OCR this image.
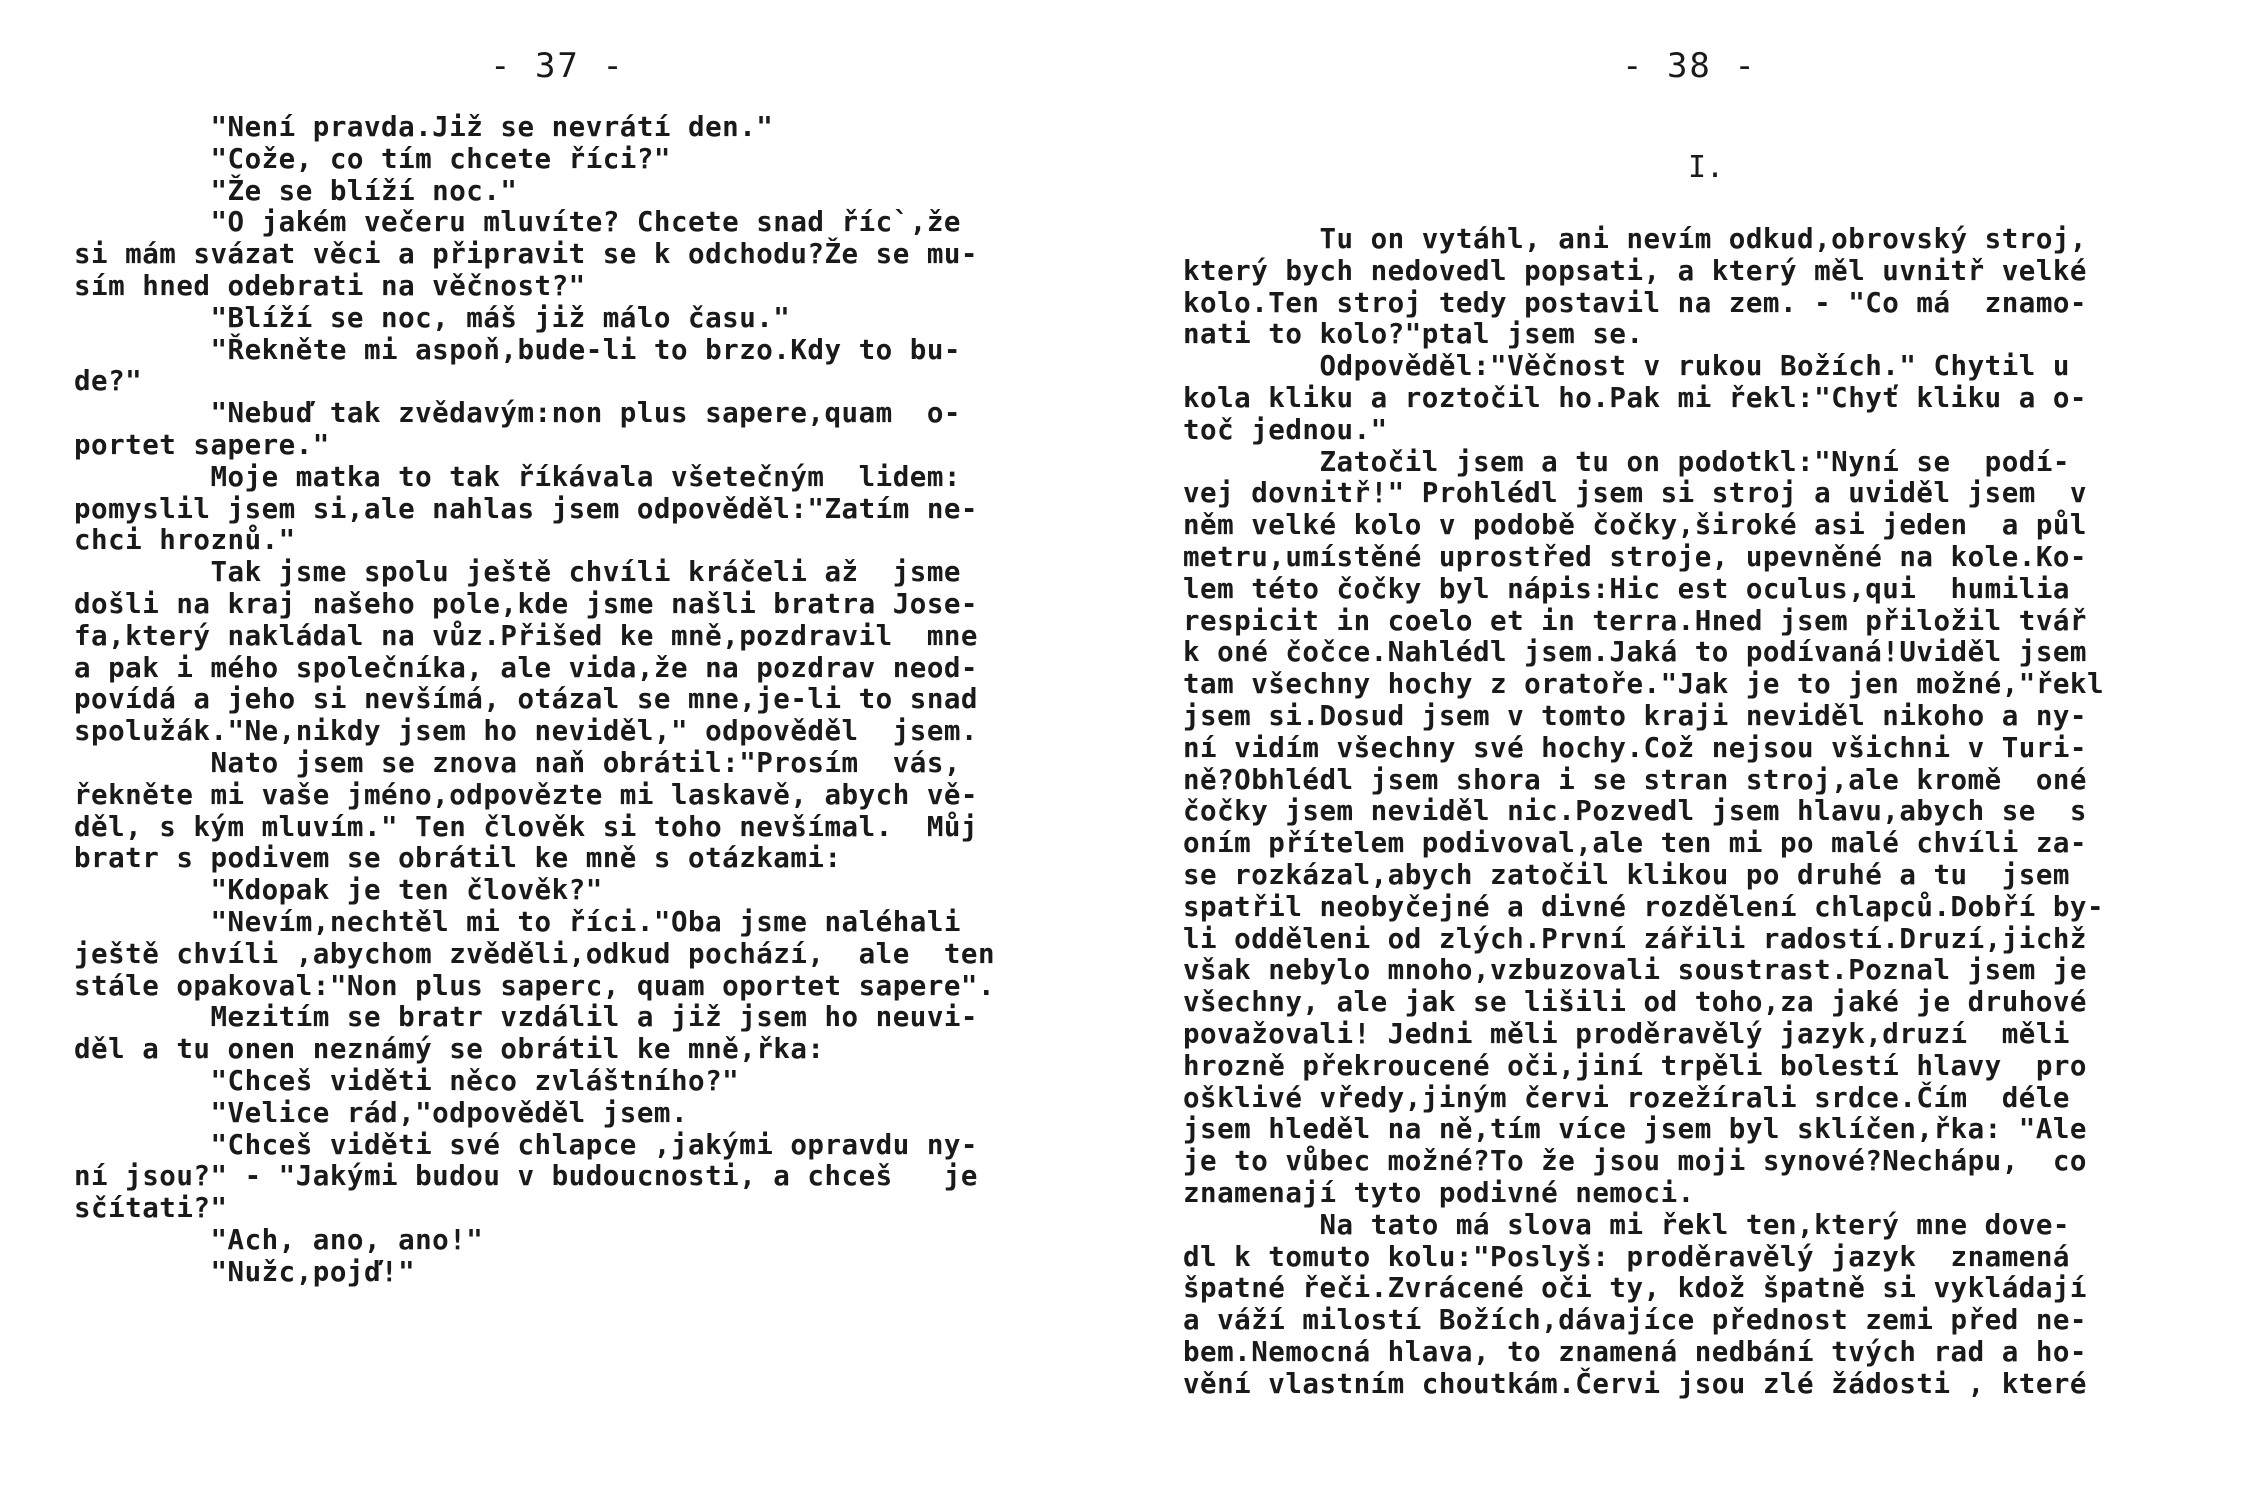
- 37 -
"Není pravda.Již se nevrátí den."
"Cože, co tím chcete říci?"
"Že se blíží noc."
"O jakém večeru mluvíte? Chcete snad říc`,že
si mám svázat věci a připravit se k odchodu?Že se mu-
sím hned odebrati na věčnost?"
"Blíží se noc, máš již málo času."
"Řekněte mi aspoň,bude-li to brzo.Kdy to bu-
de?"
"Nebuď tak zvědavým:non plus sapere,quam  o-
portet sapere."
Moje matka to tak říkávala všetečným  lidem:
pomyslil jsem si,ale nahlas jsem odpověděl:"Zatím ne-
chci hroznů."
Tak jsme spolu ještě chvíli kráčeli až  jsme
došli na kraj našeho pole,kde jsme našli bratra Jose-
fa,který nakládal na vůz.Přišed ke mně,pozdravil  mne
a pak i mého společníka, ale vida,že na pozdrav neod-
povídá a jeho si nevšímá, otázal se mne,je-li to snad
spolužák."Ne,nikdy jsem ho neviděl," odpověděl  jsem.
Nato jsem se znova naň obrátil:"Prosím  vás,
řekněte mi vaše jméno,odpovězte mi laskavě, abych vě-
děl, s kým mluvím." Ten člověk si toho nevšímal.  Můj
bratr s podivem se obrátil ke mně s otázkami:
"Kdopak je ten člověk?"
"Nevím,nechtěl mi to říci."Oba jsme naléhali
ještě chvíli ,abychom zvěděli,odkud pochází,  ale  ten
stále opakoval:"Non plus saperc, quam oportet sapere".
Mezitím se bratr vzdálil a již jsem ho neuvi-
děl a tu onen neznámý se obrátil ke mně,řka:
"Chceš viděti něco zvláštního?"
"Velice rád,"odpověděl jsem.
"Chceš viděti své chlapce ,jakými opravdu ny-
ní jsou?" - "Jakými budou v budoucnosti, a chceš   je
sčítati?"
"Ach, ano, ano!"
"Nužc,pojď!"
- 38 -
I.
Tu on vytáhl, ani nevím odkud,obrovský stroj,
který bych nedovedl popsati, a který měl uvnitř velké
kolo.Ten stroj tedy postavil na zem. - "Co má  znamo-
nati to kolo?"ptal jsem se.
Odpověděl:"Věčnost v rukou Božích." Chytil u
kola kliku a roztočil ho.Pak mi řekl:"Chyť kliku a o-
toč jednou."
Zatočil jsem a tu on podotkl:"Nyní se  podí-
vej dovnitř!" Prohlédl jsem si stroj a uviděl jsem  v
něm velké kolo v podobě čočky,široké asi jeden  a půl
metru,umístěné uprostřed stroje, upevněné na kole.Ko-
lem této čočky byl nápis:Hic est oculus,qui  humilia
respicit in coelo et in terra.Hned jsem přiložil tvář
k oné čočce.Nahlédl jsem.Jaká to podívaná!Uviděl jsem
tam všechny hochy z oratoře."Jak je to jen možné,"řekl
jsem si.Dosud jsem v tomto kraji neviděl nikoho a ny-
ní vidím všechny své hochy.Což nejsou všichni v Turi-
ně?Obhlédl jsem shora i se stran stroj,ale kromě  oné
čočky jsem neviděl nic.Pozvedl jsem hlavu,abych se  s
oním přítelem podivoval,ale ten mi po malé chvíli za-
se rozkázal,abych zatočil klikou po druhé a tu  jsem
spatřil neobyčejné a divné rozdělení chlapců.Dobří by-
li odděleni od zlých.První zářili radostí.Druzí,jichž
však nebylo mnoho,vzbuzovali soustrast.Poznal jsem je
všechny, ale jak se lišili od toho,za jaké je druhové
považovali! Jedni měli proděravělý jazyk,druzí  měli
hrozně překroucené oči,jiní trpěli bolestí hlavy  pro
ošklivé vředy,jiným červi rozežírali srdce.Čím  déle
jsem hleděl na ně,tím více jsem byl sklíčen,řka: "Ale
je to vůbec možné?To že jsou moji synové?Nechápu,  co
znamenají tyto podivné nemoci.
Na tato má slova mi řekl ten,který mne dove-
dl k tomuto kolu:"Poslyš: proděravělý jazyk  znamená
špatné řeči.Zvrácené oči ty, kdož špatně si vykládají
a váží milostí Božích,dávajíce přednost zemi před ne-
bem.Nemocná hlava, to znamená nedbání tvých rad a ho-
vění vlastním choutkám.Červi jsou zlé žádosti , které
